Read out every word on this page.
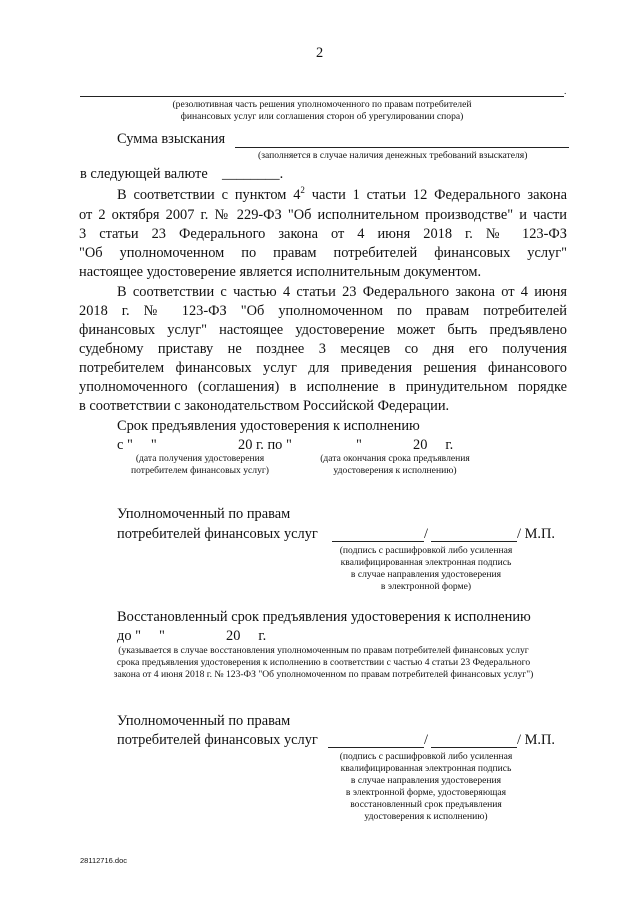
2
.
(резолютивная часть решения уполномоченного по правам потребителей
финансовых услуг или соглашения сторон об урегулировании спора)
Сумма взыскания
(заполняется в случае наличия денежных требований взыскателя)
в следующей валюте ________.
В соответствии с пунктом $4^2$ части 1 статьи 12 Федерального закона
от 2 октября 2007 г. № 229-ФЗ "Об исполнительном производстве" и части
3 статьи 23 Федерального закона от 4 июня 2018 г. № 123-ФЗ
"Об уполномоченном по правам потребителей финансовых услуг"
настоящее удостоверение является исполнительным документом.
В соответствии с частью 4 статьи 23 Федерального закона от 4 июня
2018 г. № 123-ФЗ "Об уполномоченном по правам потребителей
финансовых услуг" настоящее удостоверение может быть предъявлено
судебному приставу не позднее 3 месяцев со дня его получения
потребителем финансовых услуг для приведения решения финансового
уполномоченного (соглашения) в исполнение в принудительном порядке
в соответствии с законодательством Российской Федерации.
Срок предъявления удостоверения к исполнению
с "     "	20 г. по "	"	20     г.
(дата получения удостоверения
потребителем финансовых услуг)
(дата окончания срока предъявления
удостоверения к исполнению)
Уполномоченный по правам
потребителей финансовых услуг	/	/ М.П.
(подпись с расшифровкой либо усиленная
квалифицированная электронная подпись
в случае направления удостоверения
в электронной форме)
Восстановленный срок предъявления удостоверения к исполнению
до "     "	20     г.
(указывается в случае восстановления уполномоченным по правам потребителей финансовых услуг
срока предъявления удостоверения к исполнению в соответствии с частью 4 статьи 23 Федерального
закона от 4 июня 2018 г. № 123-ФЗ "Об уполномоченном по правам потребителей финансовых услуг")
Уполномоченный по правам
потребителей финансовых услуг	/	/ М.П.
(подпись с расшифровкой либо усиленная
квалифицированная электронная подпись
в случае направления удостоверения
в электронной форме, удостоверяющая
восстановленный срок предъявления
удостоверения к исполнению)
28112716.doc
